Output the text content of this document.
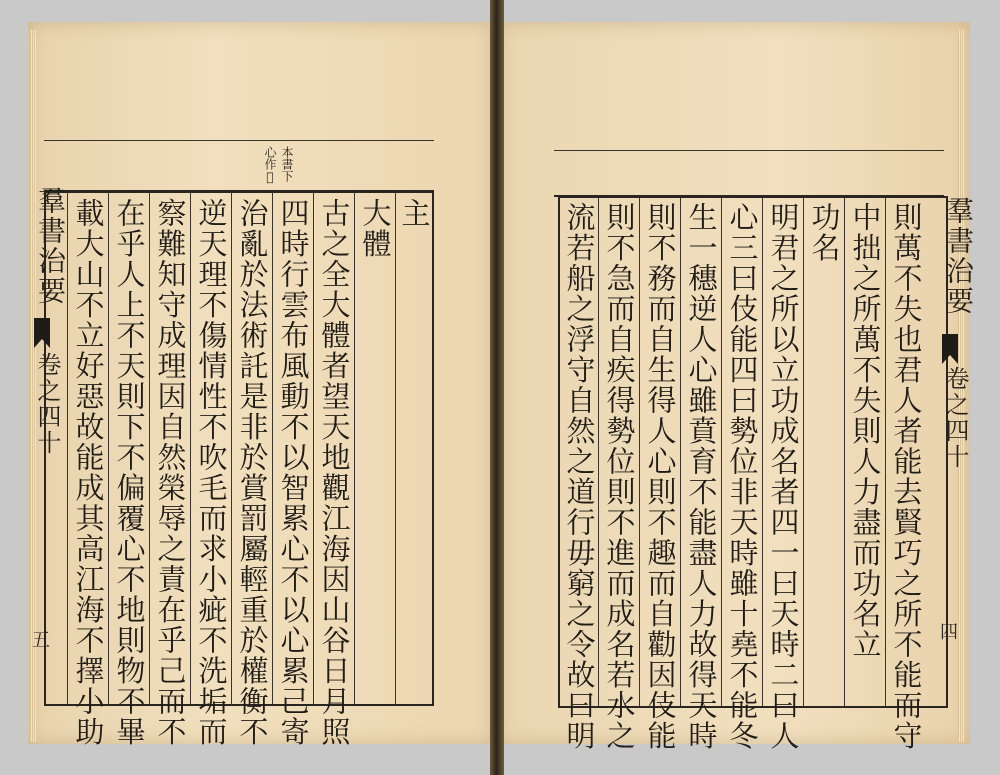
本書下心作𢗅
主
大體
古之全大體者望天地觀江海因山谷日月照
四時行雲布風動不以智累心不以心累己寄
治亂於法術託是非於賞罰屬輕重於權衡不
逆天理不傷情性不吹毛而求小疵不洗垢而
察難知守成理因自然榮辱之責在乎己而不
在乎人上不天則下不偏覆心不地則物不畢
載大山不立好惡故能成其高江海不擇小助
羣書治要
卷之四十
五	則萬不失也君人者能去賢巧之所不能而守
中拙之所萬不失則人力盡而功名立
功名
明君之所以立功成名者四一曰天時二曰人
心三曰伎能四曰勢位非天時雖十堯不能冬
生一穗逆人心雖賁育不能盡人力故得天時
則不務而自生得人心則不趣而自勸因伎能
則不急而自疾得勢位則不進而成名若水之
流若船之浮守自然之道行毋窮之令故曰明	羣書治要
卷之四十
四
